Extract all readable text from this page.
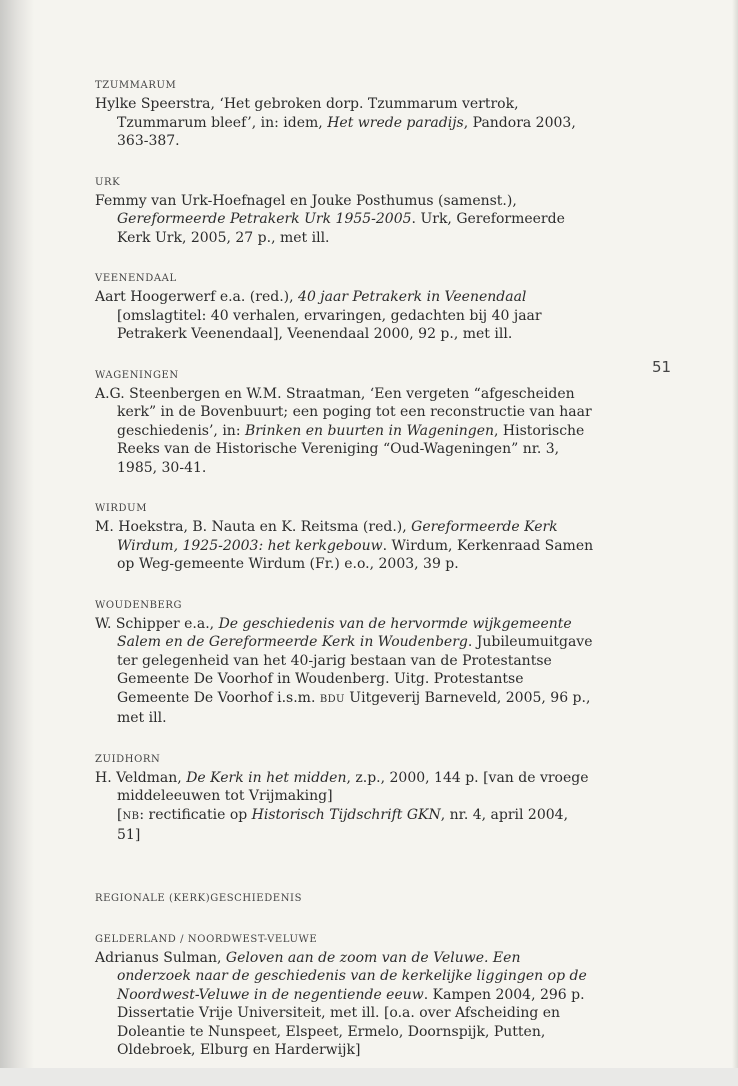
51
TZUMMARUM
Hylke Speerstra, ‘Het gebroken dorp. Tzummarum vertrok, Tzummarum bleef’, in: idem, Het wrede paradijs, Pandora 2003, 363-387.
URK
Femmy van Urk-Hoefnagel en Jouke Posthumus (samenst.), Gereformeerde Petrakerk Urk 1955-2005. Urk, Gereformeerde Kerk Urk, 2005, 27 p., met ill.
VEENENDAAL
Aart Hoogerwerf e.a. (red.), 40 jaar Petrakerk in Veenendaal [omslagtitel: 40 verhalen, ervaringen, gedachten bij 40 jaar Petrakerk Veenendaal], Veenendaal 2000, 92 p., met ill.
WAGENINGEN
A.G. Steenbergen en W.M. Straatman, ‘Een vergeten “afgescheiden kerk” in de Bovenbuurt; een poging tot een reconstructie van haar geschiedenis’, in: Brinken en buurten in Wageningen, Historische Reeks van de Historische Vereniging “Oud-Wageningen” nr. 3, 1985, 30-41.
WIRDUM
M. Hoekstra, B. Nauta en K. Reitsma (red.), Gereformeerde Kerk Wirdum, 1925-2003: het kerkgebouw. Wirdum, Kerkenraad Samen op Weg-gemeente Wirdum (Fr.) e.o., 2003, 39 p.
WOUDENBERG
W. Schipper e.a., De geschiedenis van de hervormde wijkgemeente Salem en de Gereformeerde Kerk in Woudenberg. Jubileumuitgave ter gelegenheid van het 40-jarig bestaan van de Protestantse Gemeente De Voorhof in Woudenberg. Uitg. Protestantse Gemeente De Voorhof i.s.m. BDU Uitgeverij Barneveld, 2005, 96 p., met ill.
ZUIDHORN
H. Veldman, De Kerk in het midden, z.p., 2000, 144 p. [van de vroege middeleeuwen tot Vrijmaking]
[NB: rectificatie op Historisch Tijdschrift GKN, nr. 4, april 2004, 51]
REGIONALE (KERK)GESCHIEDENIS
GELDERLAND / NOORDWEST-VELUWE
Adrianus Sulman, Geloven aan de zoom van de Veluwe. Een onderzoek naar de geschiedenis van de kerkelijke liggingen op de Noordwest-Veluwe in de negentiende eeuw. Kampen 2004, 296 p. Dissertatie Vrije Universiteit, met ill. [o.a. over Afscheiding en Doleantie te Nunspeet, Elspeet, Ermelo, Doornspijk, Putten, Oldebroek, Elburg en Harderwijk]
